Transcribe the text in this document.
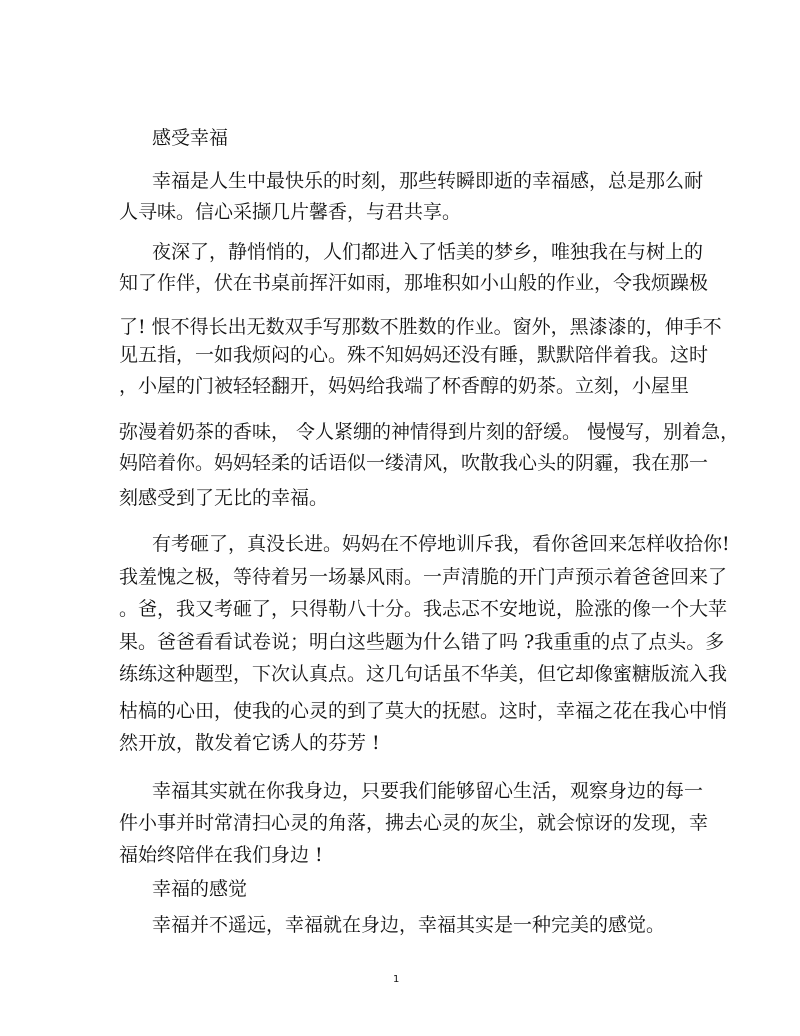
感受幸福
幸福是人生中最快乐的时刻，那些转瞬即逝的幸福感，总是那么耐
人寻味。信心采撷几片馨香，与君共享。
夜深了，静悄悄的，人们都进入了恬美的梦乡，唯独我在与树上的
知了作伴，伏在书桌前挥汗如雨，那堆积如小山般的作业，令我烦躁极
了! 恨不得长出无数双手写那数不胜数的作业。窗外，黑漆漆的，伸手不
见五指，一如我烦闷的心。殊不知妈妈还没有睡，默默陪伴着我。这时
，小屋的门被轻轻翻开，妈妈给我端了杯香醇的奶茶。立刻，小屋里
弥漫着奶茶的香味， 令人紧绷的神情得到片刻的舒缓。 慢慢写，别着急，
妈陪着你。妈妈轻柔的话语似一缕清风，吹散我心头的阴霾，我在那一
刻感受到了无比的幸福。
有考砸了，真没长进。妈妈在不停地训斥我，看你爸回来怎样收拾你!
我羞愧之极，等待着另一场暴风雨。一声清脆的开门声预示着爸爸回来了
。爸，我又考砸了，只得勒八十分。我忐忑不安地说，脸涨的像一个大苹
果。爸爸看看试卷说；明白这些题为什么错了吗 ?我重重的点了点头。多
练练这种题型，下次认真点。这几句话虽不华美，但它却像蜜糖版流入我
枯槁的心田，使我的心灵的到了莫大的抚慰。这时，幸福之花在我心中悄
然开放，散发着它诱人的芬芳 !
幸福其实就在你我身边，只要我们能够留心生活，观察身边的每一
件小事并时常清扫心灵的角落，拂去心灵的灰尘，就会惊讶的发现，幸
福始终陪伴在我们身边 !
幸福的感觉
幸福并不遥远，幸福就在身边，幸福其实是一种完美的感觉。
1
